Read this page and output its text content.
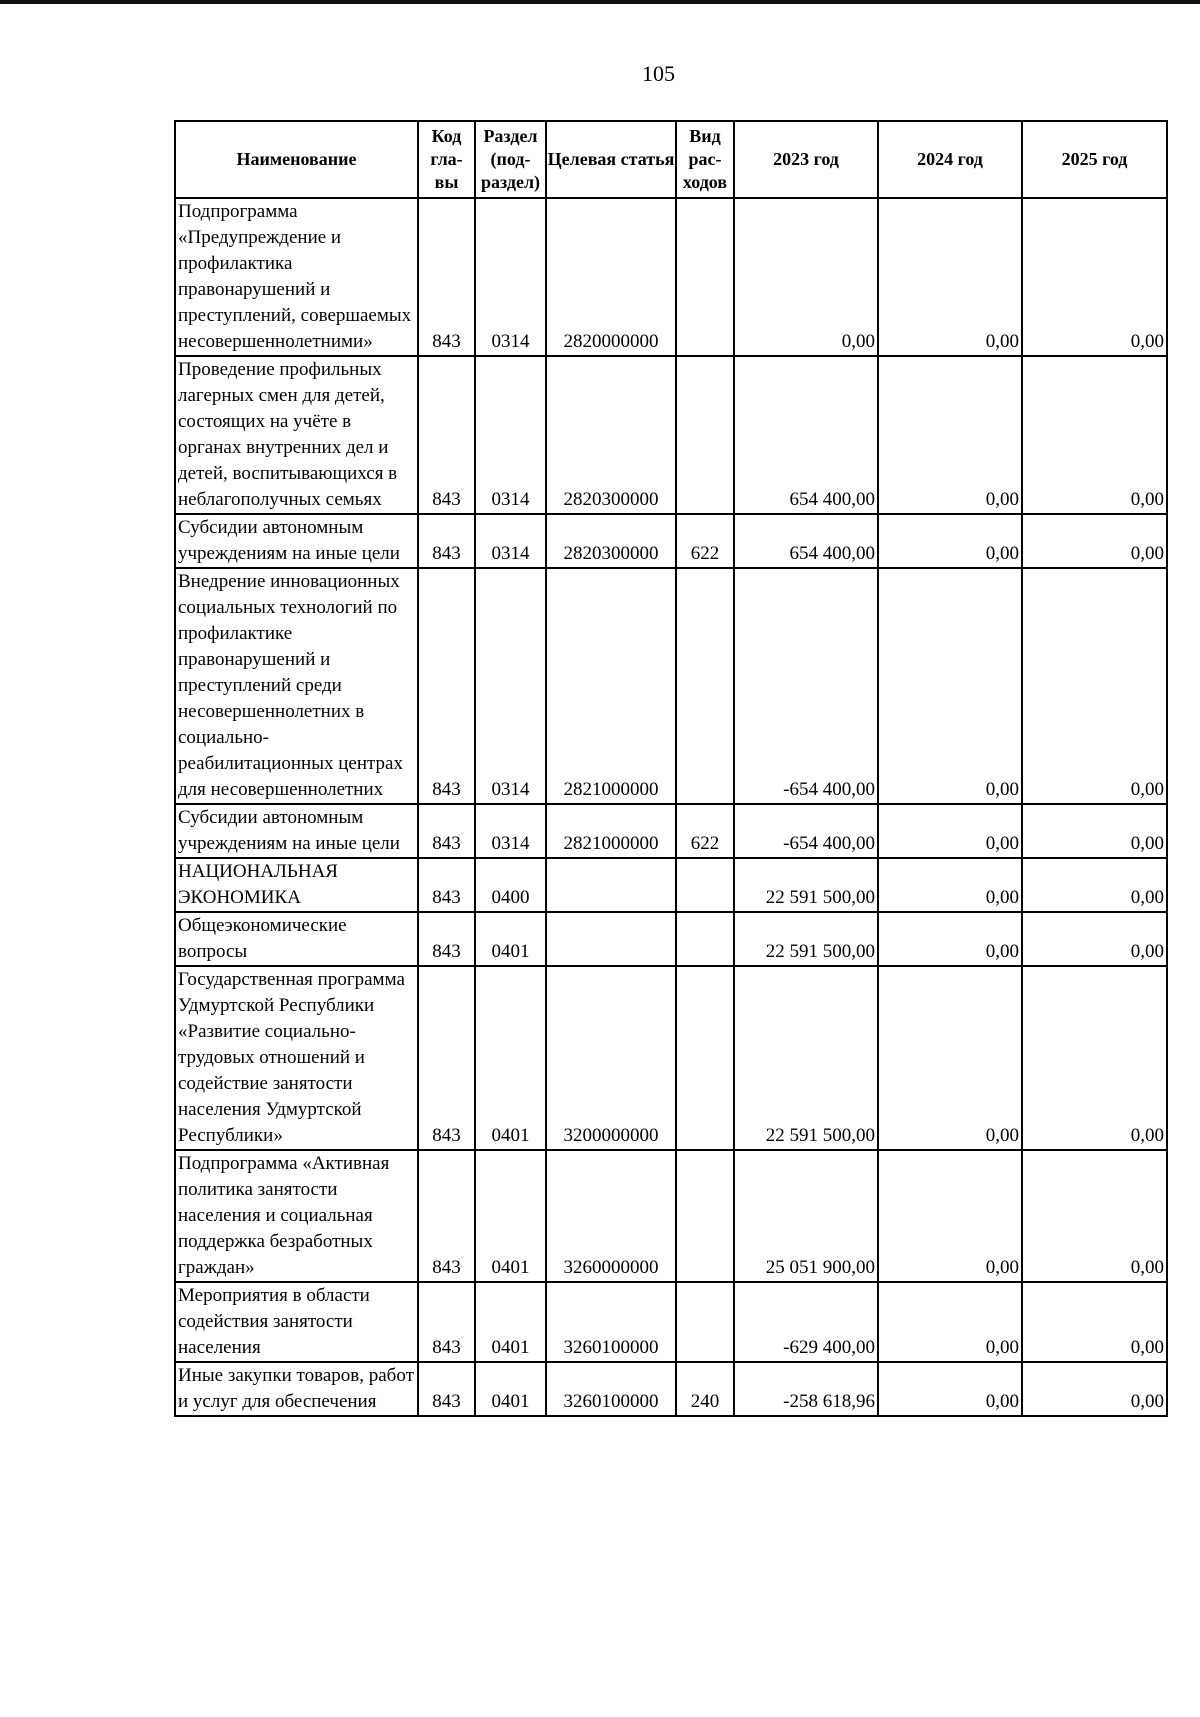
105
Наименование	Код гла- вы	Раздел (под- раздел)	Целевая статья	Вид рас- ходов	2023 год	2024 год	2025 год
Подпрограмма «Предупреждение и профилактика правонарушений и преступлений, совершаемых несовершеннолетними»	843	0314	2820000000		0,00	0,00	0,00
Проведение профильных лагерных смен для детей, состоящих на учёте в органах внутренних дел и детей, воспитывающихся в неблагополучных семьях	843	0314	2820300000		654 400,00	0,00	0,00
Субсидии автономным учреждениям на иные цели	843	0314	2820300000	622	654 400,00	0,00	0,00
Внедрение инновационных социальных технологий по профилактике правонарушений и преступлений среди несовершеннолетних в социально-реабилитационных центрах для несовершеннолетних	843	0314	2821000000		-654 400,00	0,00	0,00
Субсидии автономным учреждениям на иные цели	843	0314	2821000000	622	-654 400,00	0,00	0,00
НАЦИОНАЛЬНАЯ ЭКОНОМИКА	843	0400			22 591 500,00	0,00	0,00
Общеэкономические вопросы	843	0401			22 591 500,00	0,00	0,00
Государственная программа Удмуртской Республики «Развитие социально-трудовых отношений и содействие занятости населения Удмуртской Республики»	843	0401	3200000000		22 591 500,00	0,00	0,00
Подпрограмма «Активная политика занятости населения и социальная поддержка безработных граждан»	843	0401	3260000000		25 051 900,00	0,00	0,00
Мероприятия в области содействия занятости населения	843	0401	3260100000		-629 400,00	0,00	0,00
Иные закупки товаров, работ и услуг для обеспечения	843	0401	3260100000	240	-258 618,96	0,00	0,00
